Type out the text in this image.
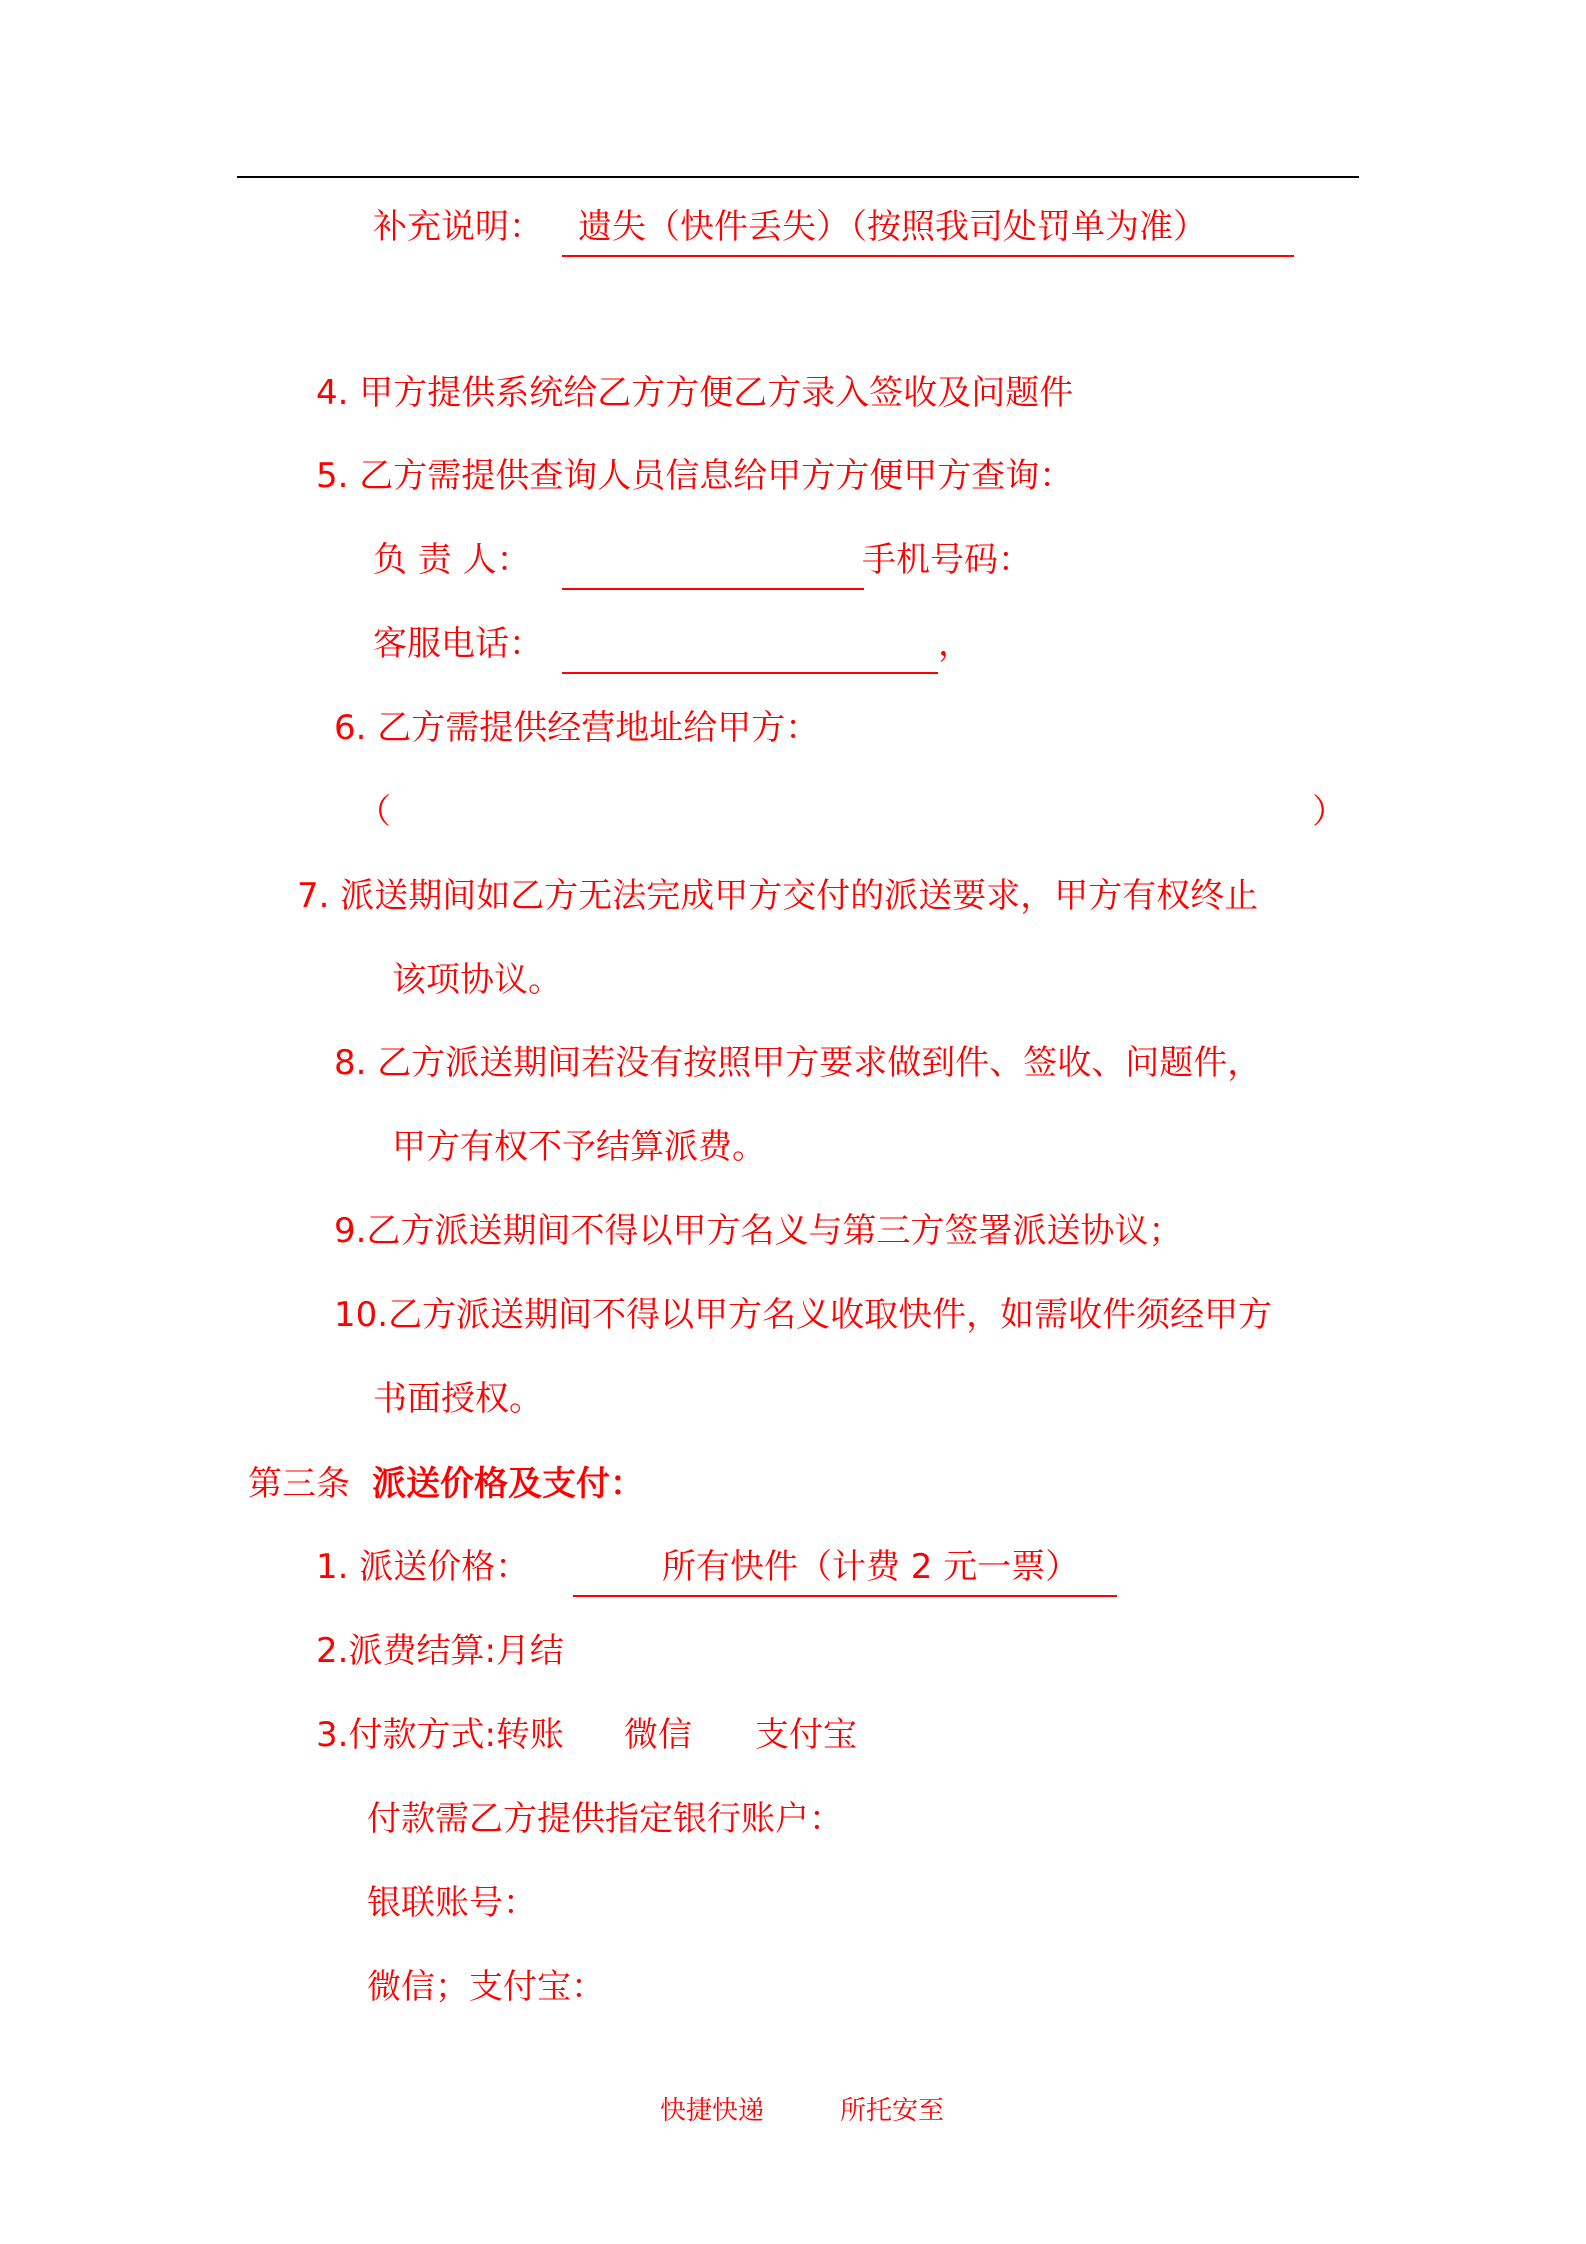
补充说明： 遗失（快件丢失）（按照我司处罚单为准）
4. 甲方提供系统给乙方方便乙方录入签收及问题件
5. 乙方需提供查询人员信息给甲方方便甲方查询：
负 责 人：	手机号码：
客服电话：	，
6. 乙方需提供经营地址给甲方：
（	）
7. 派送期间如乙方无法完成甲方交付的派送要求，甲方有权终止
该项协议。
8. 乙方派送期间若没有按照甲方要求做到件、签收、问题件，
甲方有权不予结算派费。
9.乙方派送期间不得以甲方名义与第三方签署派送协议；
10.乙方派送期间不得以甲方名义收取快件，如需收件须经甲方
书面授权。
第三条 派送价格及支付：
1. 派送价格：	所有快件（计费 2 元一票）
2.派费结算:月结
3.付款方式:转账 微信 支付宝
付款需乙方提供指定银行账户：
银联账号：
微信；支付宝：
快捷快递	所托安至
